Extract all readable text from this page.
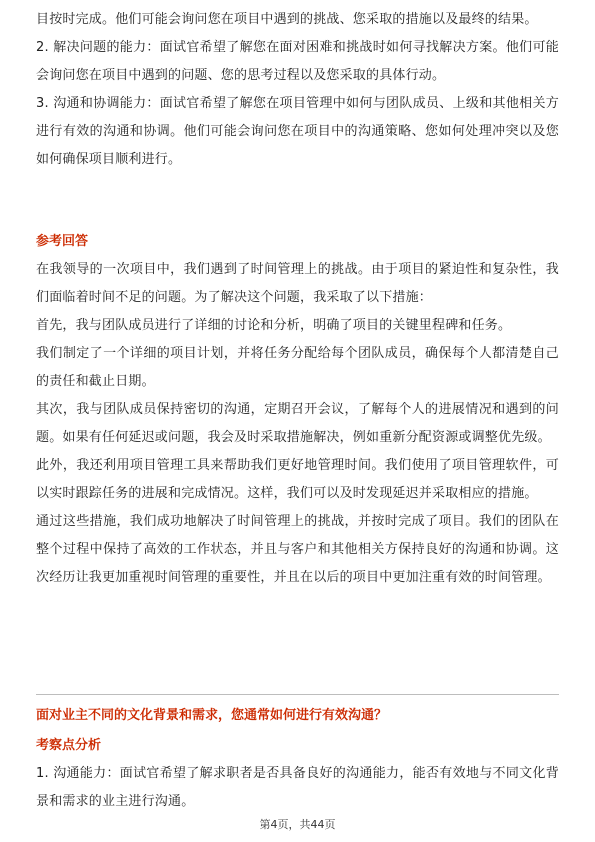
目按时完成。他们可能会询问您在项目中遇到的挑战、您采取的措施以及最终的结果。

2. 解决问题的能力：面试官希望了解您在面对困难和挑战时如何寻找解决方案。他们可能会询问您在项目中遇到的问题、您的思考过程以及您采取的具体行动。

3. 沟通和协调能力：面试官希望了解您在项目管理中如何与团队成员、上级和其他相关方进行有效的沟通和协调。他们可能会询问您在项目中的沟通策略、您如何处理冲突以及您如何确保项目顺利进行。

参考回答

在我领导的一次项目中，我们遇到了时间管理上的挑战。由于项目的紧迫性和复杂性，我们面临着时间不足的问题。为了解决这个问题，我采取了以下措施：

首先，我与团队成员进行了详细的讨论和分析，明确了项目的关键里程碑和任务。

我们制定了一个详细的项目计划，并将任务分配给每个团队成员，确保每个人都清楚自己的责任和截止日期。

其次，我与团队成员保持密切的沟通，定期召开会议，了解每个人的进展情况和遇到的问题。如果有任何延迟或问题，我会及时采取措施解决，例如重新分配资源或调整优先级。

此外，我还利用项目管理工具来帮助我们更好地管理时间。我们使用了项目管理软件，可以实时跟踪任务的进展和完成情况。这样，我们可以及时发现延迟并采取相应的措施。

通过这些措施，我们成功地解决了时间管理上的挑战，并按时完成了项目。我们的团队在整个过程中保持了高效的工作状态，并且与客户和其他相关方保持良好的沟通和协调。这次经历让我更加重视时间管理的重要性，并且在以后的项目中更加注重有效的时间管理。

面对业主不同的文化背景和需求，您通常如何进行有效沟通？

考察点分析

1. 沟通能力：面试官希望了解求职者是否具备良好的沟通能力，能否有效地与不同文化背景和需求的业主进行沟通。

第4页，共44页
